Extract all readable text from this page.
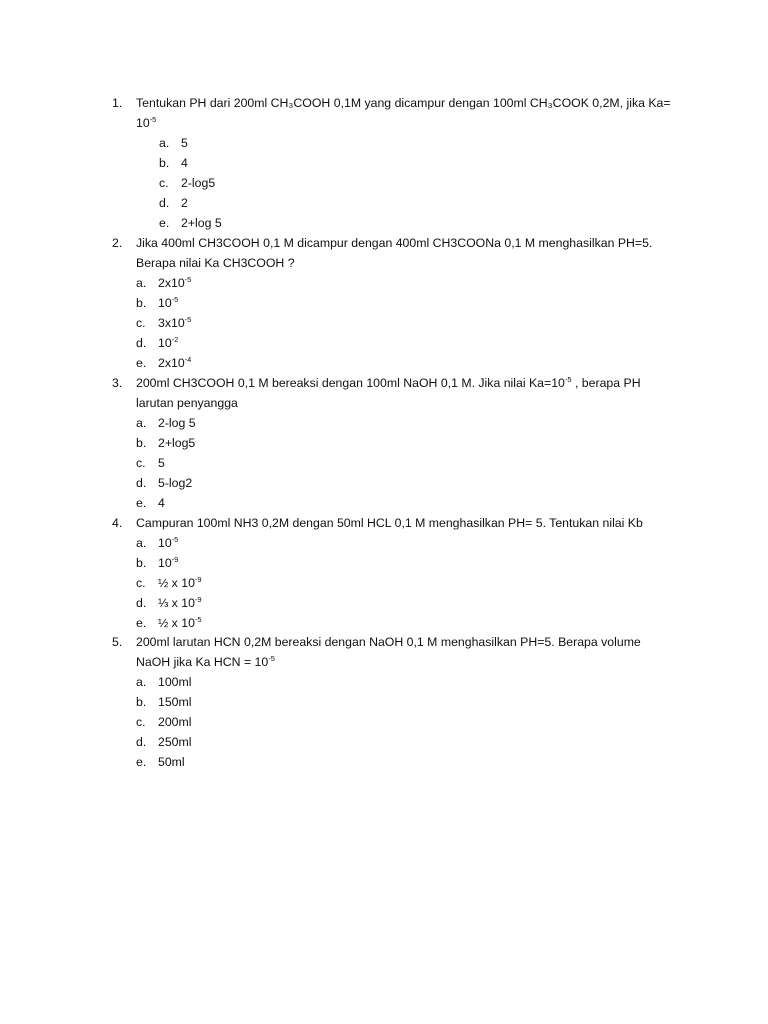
1. Tentukan PH dari 200ml CH₃COOH 0,1M yang dicampur dengan 100ml CH₃COOK 0,2M, jika Ka=
$10^{-5}$
a. 5
b. 4
c. 2-log5
d. 2
e. 2+log 5
2. Jika 400ml CH3COOH 0,1 M dicampur dengan 400ml CH3COONa 0,1 M menghasilkan PH=5.
Berapa nilai Ka CH3COOH ?
a. $2x10^{-5}$
b. $10^{-5}$
c. $3x10^{-5}$
d. $10^{-2}$
e. $2x10^{-4}$
3. 200ml CH3COOH 0,1 M bereaksi dengan 100ml NaOH 0,1 M. Jika nilai $Ka=10^{-5}$ , berapa PH
larutan penyangga
a. 2-log 5
b. 2+log5
c. 5
d. 5-log2
e. 4
4. Campuran 100ml NH3 0,2M dengan 50ml HCL 0,1 M menghasilkan PH= 5. Tentukan nilai Kb
a. $10^{-5}$
b. $10^{-9}$
c. ½ x $10^{-9}$
d. ⅓ x $10^{-9}$
e. ½ x $10^{-5}$
5. 200ml larutan HCN 0,2M bereaksi dengan NaOH 0,1 M menghasilkan PH=5. Berapa volume
NaOH jika Ka HCN = $10^{-5}$
a. 100ml
b. 150ml
c. 200ml
d. 250ml
e. 50ml
